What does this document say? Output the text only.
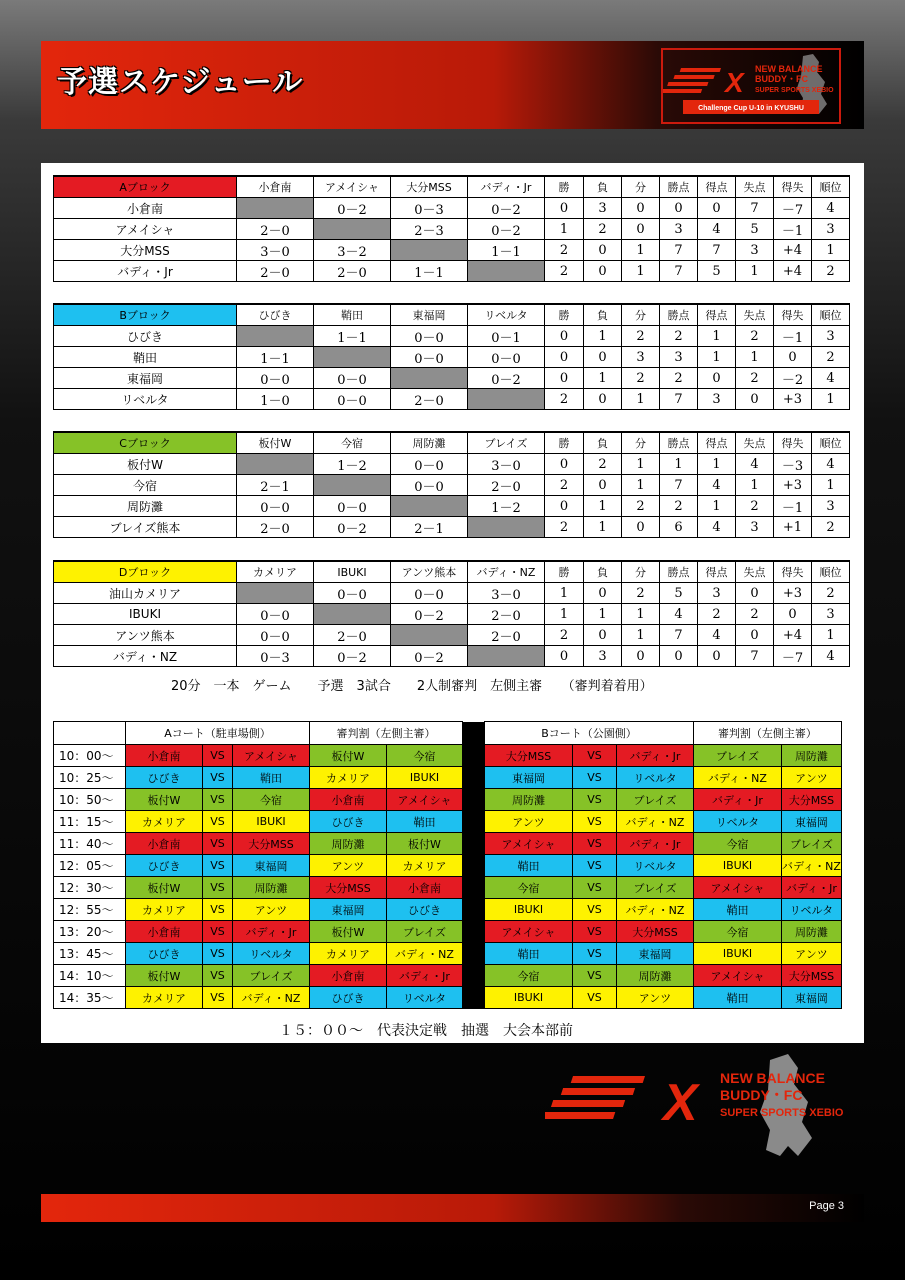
予選スケジュール	X NEW BALANCE
BUDDY・FC
SUPER SPORTS XEBIO
Challenge Cup U-10 in KYUSHU
Aブロック	小倉南	アメイシャ	大分MSS	バディ・Jr	勝	負	分	勝点	得点	失点	得失	順位
小倉南		0－2	0－3	0－2	0	3	0	0	0	7	－7	4
アメイシャ	2－0		2－3	0－2	1	2	0	3	4	5	－1	3
大分MSS	3－0	3－2		1－1	2	0	1	7	7	3	+4	1
バディ・Jr	2－0	2－0	1－1		2	0	1	7	5	1	+4	2
Bブロック	ひびき	鞘田	東福岡	リベルタ	勝	負	分	勝点	得点	失点	得失	順位
ひびき		1－1	0－0	0－1	0	1	2	2	1	2	－1	3
鞘田	1－1		0－0	0－0	0	0	3	3	1	1	0	2
東福岡	0－0	0－0		0－2	0	1	2	2	0	2	－2	4
リベルタ	1－0	0－0	2－0		2	0	1	7	3	0	+3	1
Cブロック	板付W	今宿	周防灘	ブレイズ	勝	負	分	勝点	得点	失点	得失	順位
板付W		1－2	0－0	3－0	0	2	1	1	1	4	－3	4
今宿	2－1		0－0	2－0	2	0	1	7	4	1	+3	1
周防灘	0－0	0－0		1－2	0	1	2	2	1	2	－1	3
ブレイズ熊本	2－0	0－2	2－1		2	1	0	6	4	3	+1	2
Dブロック	カメリア	IBUKI	アンツ熊本	バディ・NZ	勝	負	分	勝点	得点	失点	得失	順位
油山カメリア		0－0	0－0	3－0	1	0	2	5	3	0	+3	2
IBUKI	0－0		0－2	2－0	1	1	1	4	2	2	0	3
アンツ熊本	0－0	2－0		2－0	2	0	1	7	4	0	+4	1
バディ・NZ	0－3	0－2	0－2		0	3	0	0	0	7	－7	4
20分　一本　ゲーム　　予選　3試合　　2人制審判　左側主審　　（審判着着用）
	Aコート（駐車場側）			審判割（左側主審）			Bコート（公園側）			審判割（左側主審）	
10：00～	小倉南	VS	アメイシャ	板付W	今宿		大分MSS	VS	バディ・Jr	ブレイズ	周防灘
10：25～	ひびき	VS	鞘田	カメリア	IBUKI		東福岡	VS	リベルタ	バディ・NZ	アンツ
10：50～	板付W	VS	今宿	小倉南	アメイシャ		周防灘	VS	ブレイズ	バディ・Jr	大分MSS
11：15～	カメリア	VS	IBUKI	ひびき	鞘田		アンツ	VS	バディ・NZ	リベルタ	東福岡
11：40～	小倉南	VS	大分MSS	周防灘	板付W		アメイシャ	VS	バディ・Jr	今宿	ブレイズ
12：05～	ひびき	VS	東福岡	アンツ	カメリア		鞘田	VS	リベルタ	IBUKI	バディ・NZ
12：30～	板付W	VS	周防灘	大分MSS	小倉南		今宿	VS	ブレイズ	アメイシャ	バディ・Jr
12：55～	カメリア	VS	アンツ	東福岡	ひびき		IBUKI	VS	バディ・NZ	鞘田	リベルタ
13：20～	小倉南	VS	バディ・Jr	板付W	ブレイズ		アメイシャ	VS	大分MSS	今宿	周防灘
13：45～	ひびき	VS	リベルタ	カメリア	バディ・NZ		鞘田	VS	東福岡	IBUKI	アンツ
14：10～	板付W	VS	ブレイズ	小倉南	バディ・Jr		今宿	VS	周防灘	アメイシャ	大分MSS
14：35～	カメリア	VS	バディ・NZ	ひびき	リベルタ		IBUKI	VS	アンツ	鞘田	東福岡
１５：００～　代表決定戦　抽選　大会本部前
X NEW BALANCE
BUDDY・FC
SUPER SPORTS XEBIO
Page 3
